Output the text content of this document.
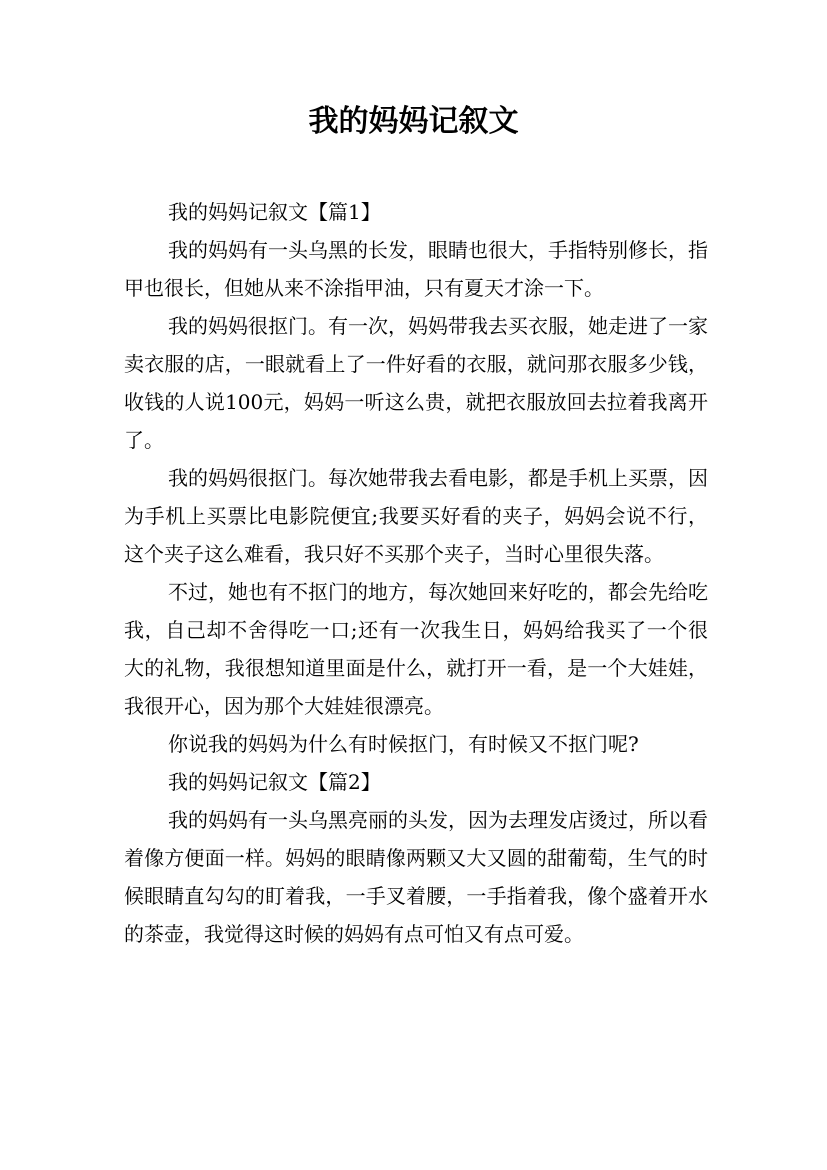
我的妈妈记叙文

我的妈妈记叙文【篇1】

我的妈妈有一头乌黑的长发，眼睛也很大，手指特别修长，指甲也很长，但她从来不涂指甲油，只有夏天才涂一下。

我的妈妈很抠门。有一次，妈妈带我去买衣服，她走进了一家卖衣服的店，一眼就看上了一件好看的衣服，就问那衣服多少钱，收钱的人说100元，妈妈一听这么贵，就把衣服放回去拉着我离开了。

我的妈妈很抠门。每次她带我去看电影，都是手机上买票，因为手机上买票比电影院便宜;我要买好看的夹子，妈妈会说不行，这个夹子这么难看，我只好不买那个夹子，当时心里很失落。

不过，她也有不抠门的地方，每次她回来好吃的，都会先给吃我，自己却不舍得吃一口;还有一次我生日，妈妈给我买了一个很大的礼物，我很想知道里面是什么，就打开一看，是一个大娃娃，我很开心，因为那个大娃娃很漂亮。

你说我的妈妈为什么有时候抠门，有时候又不抠门呢?

我的妈妈记叙文【篇2】

我的妈妈有一头乌黑亮丽的头发，因为去理发店烫过，所以看着像方便面一样。妈妈的眼睛像两颗又大又圆的甜葡萄，生气的时候眼睛直勾勾的盯着我，一手叉着腰，一手指着我，像个盛着开水的茶壶，我觉得这时候的妈妈有点可怕又有点可爱。
